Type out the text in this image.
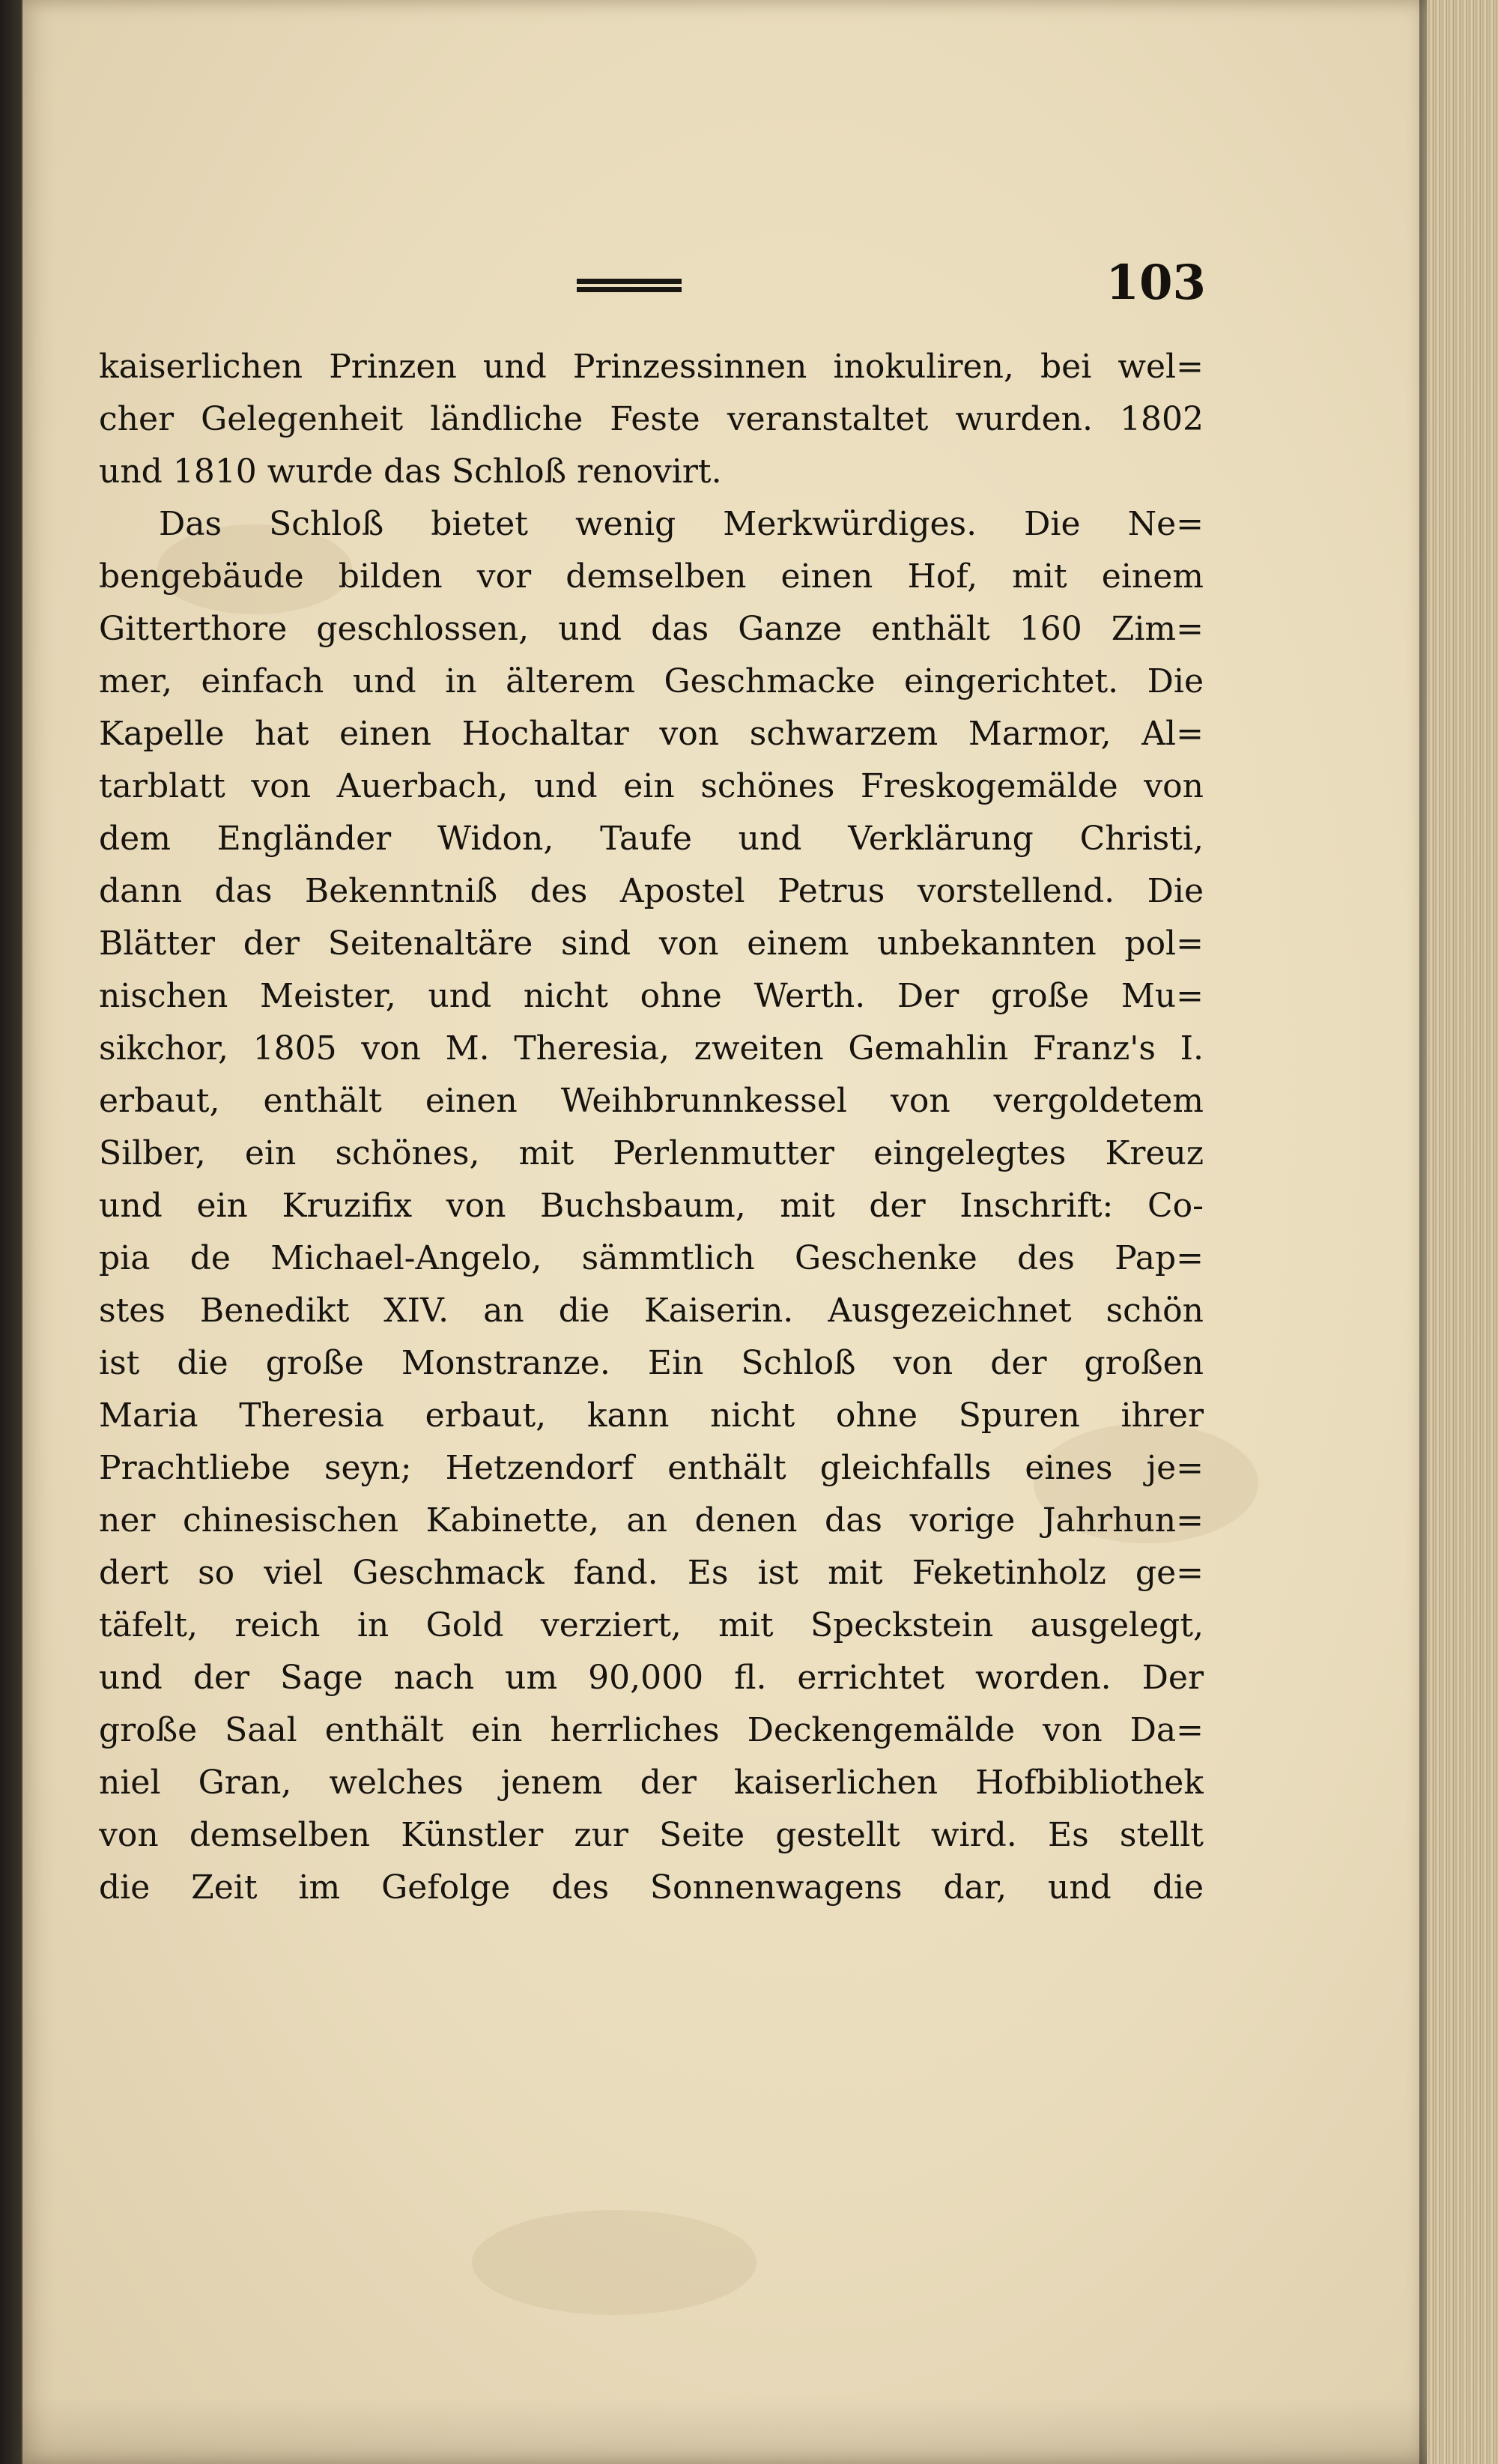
103
kaiserlichen Prinzen und Prinzessinnen inokuliren, bei wel=
cher Gelegenheit ländliche Feste veranstaltet wurden. 1802
und 1810 wurde das Schloß renovirt.
Das Schloß bietet wenig Merkwürdiges. Die Ne=
bengebäude bilden vor demselben einen Hof, mit einem
Gitterthore geschlossen, und das Ganze enthält 160 Zim=
mer, einfach und in älterem Geschmacke eingerichtet. Die
Kapelle hat einen Hochaltar von schwarzem Marmor, Al=
tarblatt von Auerbach, und ein schönes Freskogemälde von
dem Engländer Widon, Taufe und Verklärung Christi,
dann das Bekenntniß des Apostel Petrus vorstellend. Die
Blätter der Seitenaltäre sind von einem unbekannten pol=
nischen Meister, und nicht ohne Werth. Der große Mu=
sikchor, 1805 von M. Theresia, zweiten Gemahlin Franz's I.
erbaut, enthält einen Weihbrunnkessel von vergoldetem
Silber, ein schönes, mit Perlenmutter eingelegtes Kreuz
und ein Kruzifix von Buchsbaum, mit der Inschrift: Co-
pia de Michael-Angelo, sämmtlich Geschenke des Pap=
stes Benedikt XIV. an die Kaiserin. Ausgezeichnet schön
ist die große Monstranze. Ein Schloß von der großen
Maria Theresia erbaut, kann nicht ohne Spuren ihrer
Prachtliebe seyn; Hetzendorf enthält gleichfalls eines je=
ner chinesischen Kabinette, an denen das vorige Jahrhun=
dert so viel Geschmack fand. Es ist mit Feketinholz ge=
täfelt, reich in Gold verziert, mit Speckstein ausgelegt,
und der Sage nach um 90,000 fl. errichtet worden. Der
große Saal enthält ein herrliches Deckengemälde von Da=
niel Gran, welches jenem der kaiserlichen Hofbibliothek
von demselben Künstler zur Seite gestellt wird. Es stellt
die Zeit im Gefolge des Sonnenwagens dar, und die
